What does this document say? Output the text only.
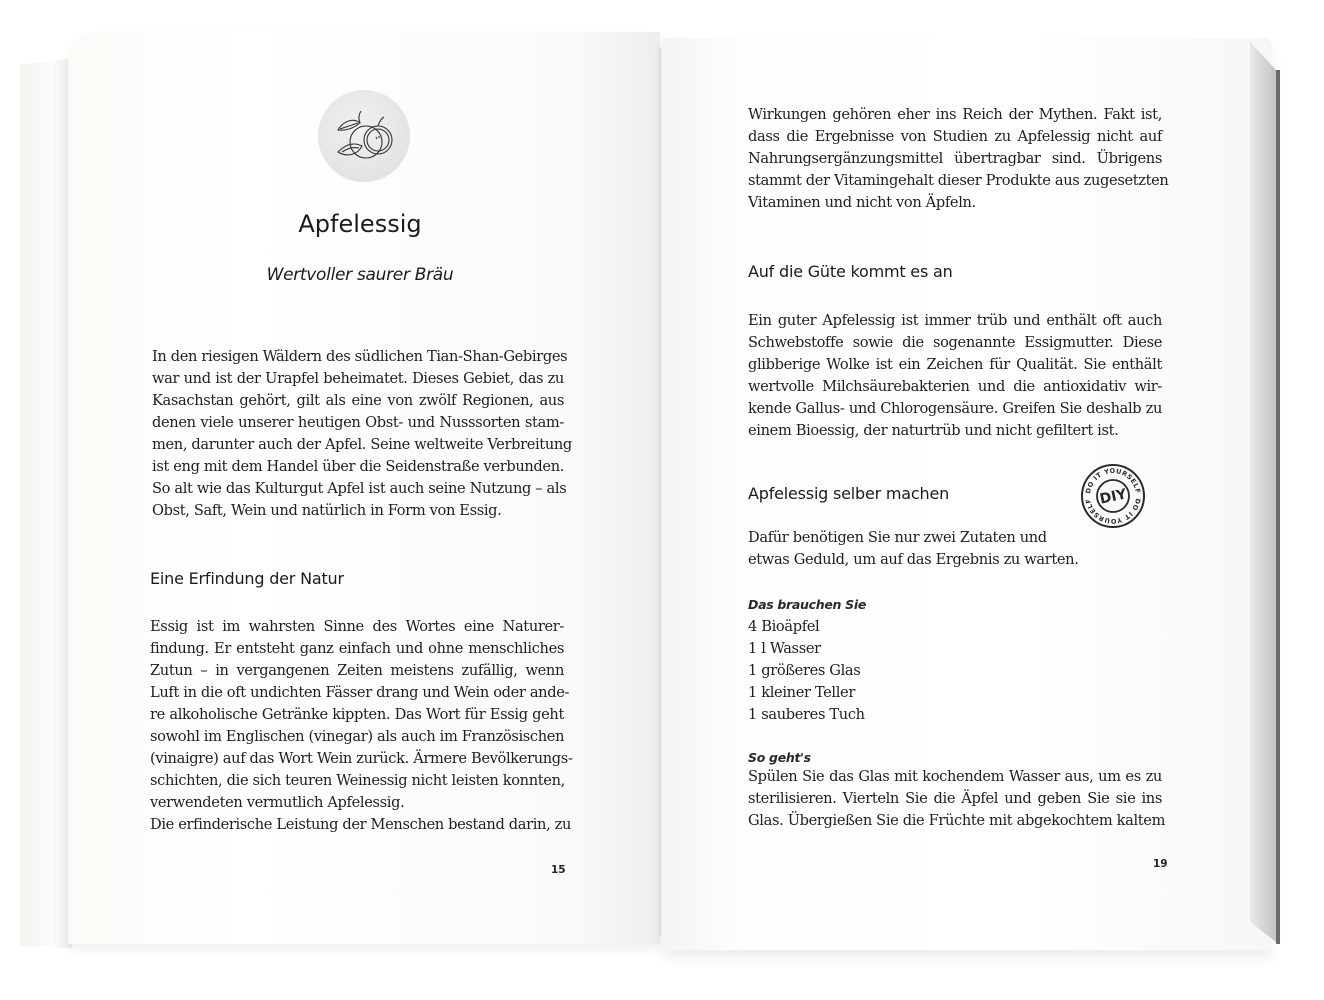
Apfelessig
Wertvoller saurer Bräu
In den riesigen Wäldern des südlichen Tian-Shan-Gebirges
war und ist der Urapfel beheimatet. Dieses Gebiet, das zu
Kasachstan gehört, gilt als eine von zwölf Regionen, aus
denen viele unserer heutigen Obst- und Nusssorten stam-
men, darunter auch der Apfel. Seine weltweite Verbreitung
ist eng mit dem Handel über die Seidenstraße verbunden.
So alt wie das Kulturgut Apfel ist auch seine Nutzung – als
Obst, Saft, Wein und natürlich in Form von Essig.
Eine Erfindung der Natur
Essig ist im wahrsten Sinne des Wortes eine Naturer-
findung. Er entsteht ganz einfach und ohne menschliches
Zutun – in vergangenen Zeiten meistens zufällig, wenn
Luft in die oft undichten Fässer drang und Wein oder ande-
re alkoholische Getränke kippten. Das Wort für Essig geht
sowohl im Englischen (vinegar) als auch im Französischen
(vinaigre) auf das Wort Wein zurück. Ärmere Bevölkerungs-
schichten, die sich teuren Weinessig nicht leisten konnten,
verwendeten vermutlich Apfelessig.
Die erfinderische Leistung der Menschen bestand darin, zu
15
Wirkungen gehören eher ins Reich der Mythen. Fakt ist,
dass die Ergebnisse von Studien zu Apfelessig nicht auf
Nahrungsergänzungsmittel übertragbar sind. Übrigens
stammt der Vitamingehalt dieser Produkte aus zugesetzten
Vitaminen und nicht von Äpfeln.
Auf die Güte kommt es an
Ein guter Apfelessig ist immer trüb und enthält oft auch
Schwebstoffe sowie die sogenannte Essigmutter. Diese
glibberige Wolke ist ein Zeichen für Qualität. Sie enthält
wertvolle Milchsäurebakterien und die antioxidativ wir-
kende Gallus- und Chlorogensäure. Greifen Sie deshalb zu
einem Bioessig, der naturtrüb und nicht gefiltert ist.
Apfelessig selber machen	DO IT YOURSELF
DO IT YOURSELF DIY
Dafür benötigen Sie nur zwei Zutaten und
etwas Geduld, um auf das Ergebnis zu warten.
Das brauchen Sie
4 Bioäpfel
1 l Wasser
1 größeres Glas
1 kleiner Teller
1 sauberes Tuch
So geht's
Spülen Sie das Glas mit kochendem Wasser aus, um es zu
sterilisieren. Vierteln Sie die Äpfel und geben Sie sie ins
Glas. Übergießen Sie die Früchte mit abgekochtem kaltem
19
